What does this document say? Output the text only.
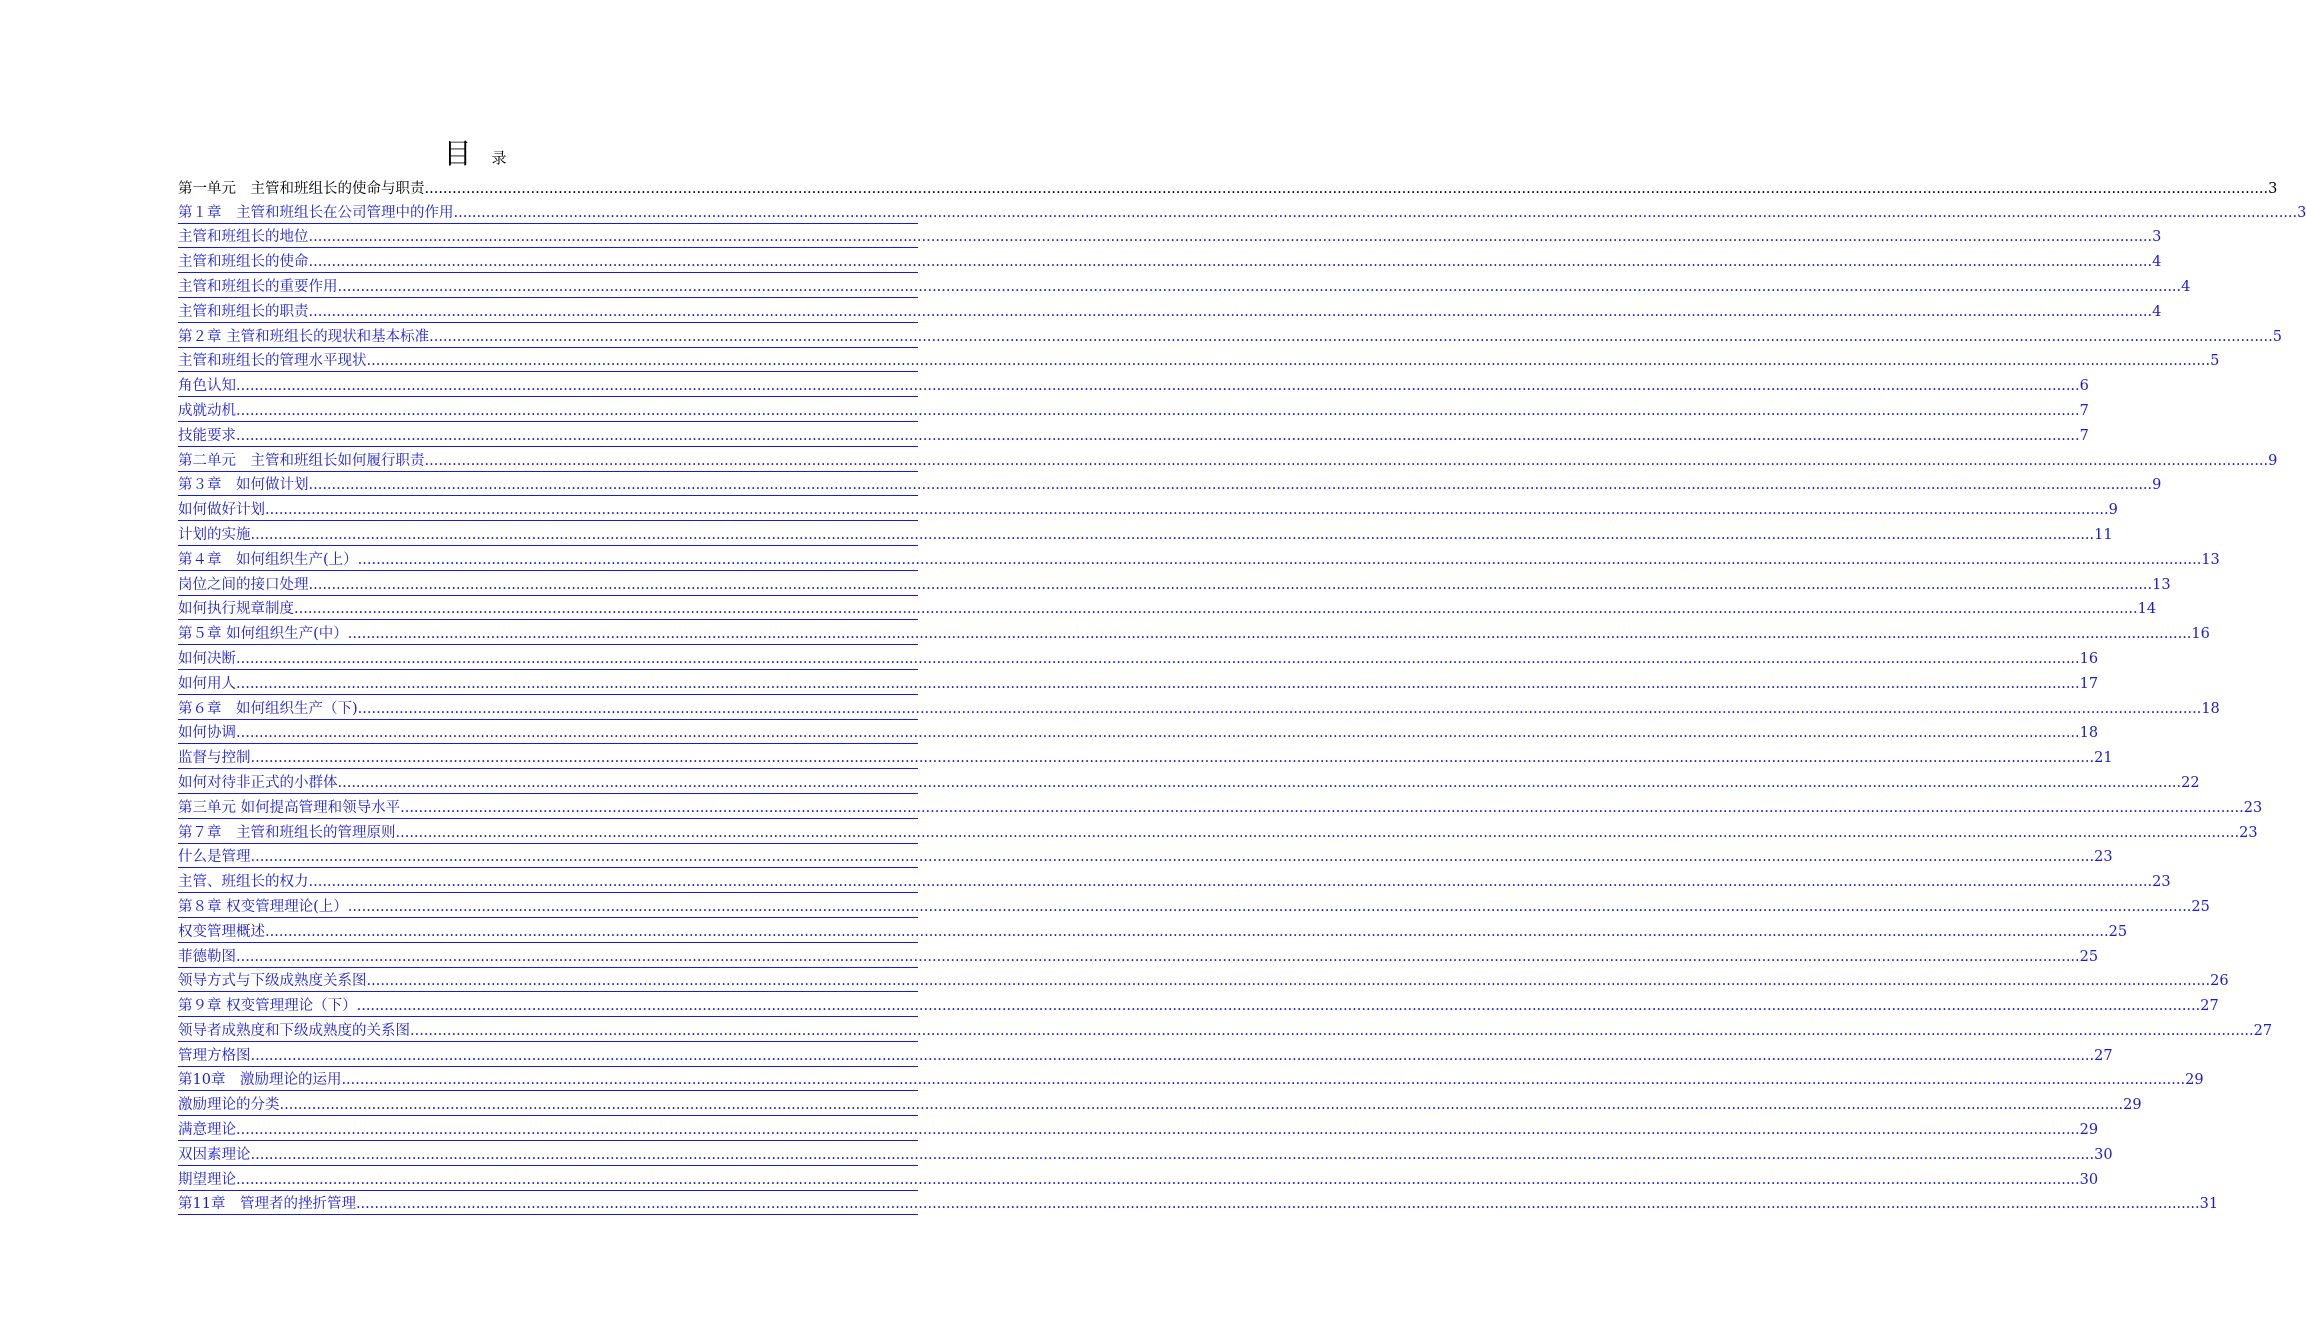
目 录
第一单元　主管和班组长的使命与职责 ................................................................................................................................................................................................................................................................................................................................................................................................................ 3
第１章　主管和班组长在公司管理中的作用 ................................................................................................................................................................................................................................................................................................................................................................................................................ 3
主管和班组长的地位 ................................................................................................................................................................................................................................................................................................................................................................................................................ 3
主管和班组长的使命 ................................................................................................................................................................................................................................................................................................................................................................................................................ 4
主管和班组长的重要作用 ................................................................................................................................................................................................................................................................................................................................................................................................................ 4
主管和班组长的职责 ................................................................................................................................................................................................................................................................................................................................................................................................................ 4
第２章 主管和班组长的现状和基本标准 ................................................................................................................................................................................................................................................................................................................................................................................................................ 5
主管和班组长的管理水平现状 ................................................................................................................................................................................................................................................................................................................................................................................................................ 5
角色认知 ................................................................................................................................................................................................................................................................................................................................................................................................................ 6
成就动机 ................................................................................................................................................................................................................................................................................................................................................................................................................ 7
技能要求 ................................................................................................................................................................................................................................................................................................................................................................................................................ 7
第二单元　主管和班组长如何履行职责 ................................................................................................................................................................................................................................................................................................................................................................................................................ 9
第３章　如何做计划 ................................................................................................................................................................................................................................................................................................................................................................................................................ 9
如何做好计划 ................................................................................................................................................................................................................................................................................................................................................................................................................ 9
计划的实施 ................................................................................................................................................................................................................................................................................................................................................................................................................ 11
第４章　如何组织生产(上） ................................................................................................................................................................................................................................................................................................................................................................................................................ 13
岗位之间的接口处理 ................................................................................................................................................................................................................................................................................................................................................................................................................ 13
如何执行规章制度 ................................................................................................................................................................................................................................................................................................................................................................................................................ 14
第５章 如何组织生产(中） ................................................................................................................................................................................................................................................................................................................................................................................................................ 16
如何决断 ................................................................................................................................................................................................................................................................................................................................................................................................................ 16
如何用人 ................................................................................................................................................................................................................................................................................................................................................................................................................ 17
第６章　如何组织生产（下) ................................................................................................................................................................................................................................................................................................................................................................................................................ 18
如何协调 ................................................................................................................................................................................................................................................................................................................................................................................................................ 18
监督与控制 ................................................................................................................................................................................................................................................................................................................................................................................................................ 21
如何对待非正式的小群体 ................................................................................................................................................................................................................................................................................................................................................................................................................ 22
第三单元 如何提高管理和领导水平 ................................................................................................................................................................................................................................................................................................................................................................................................................ 23
第７章　主管和班组长的管理原则 ................................................................................................................................................................................................................................................................................................................................................................................................................ 23
什么是管理 ................................................................................................................................................................................................................................................................................................................................................................................................................ 23
主管、班组长的权力 ................................................................................................................................................................................................................................................................................................................................................................................................................ 23
第８章 权变管理理论(上） ................................................................................................................................................................................................................................................................................................................................................................................................................ 25
权变管理概述 ................................................................................................................................................................................................................................................................................................................................................................................................................ 25
菲德勒图 ................................................................................................................................................................................................................................................................................................................................................................................................................ 25
领导方式与下级成熟度关系图 ................................................................................................................................................................................................................................................................................................................................................................................................................ 26
第９章 权变管理理论（下） ................................................................................................................................................................................................................................................................................................................................................................................................................ 27
领导者成熟度和下级成熟度的关系图 ................................................................................................................................................................................................................................................................................................................................................................................................................ 27
管理方格图 ................................................................................................................................................................................................................................................................................................................................................................................................................ 27
第10章　激励理论的运用 ................................................................................................................................................................................................................................................................................................................................................................................................................ 29
激励理论的分类 ................................................................................................................................................................................................................................................................................................................................................................................................................ 29
满意理论 ................................................................................................................................................................................................................................................................................................................................................................................................................ 29
双因素理论 ................................................................................................................................................................................................................................................................................................................................................................................................................ 30
期望理论 ................................................................................................................................................................................................................................................................................................................................................................................................................ 30
第11章　管理者的挫折管理 ................................................................................................................................................................................................................................................................................................................................................................................................................ 31
